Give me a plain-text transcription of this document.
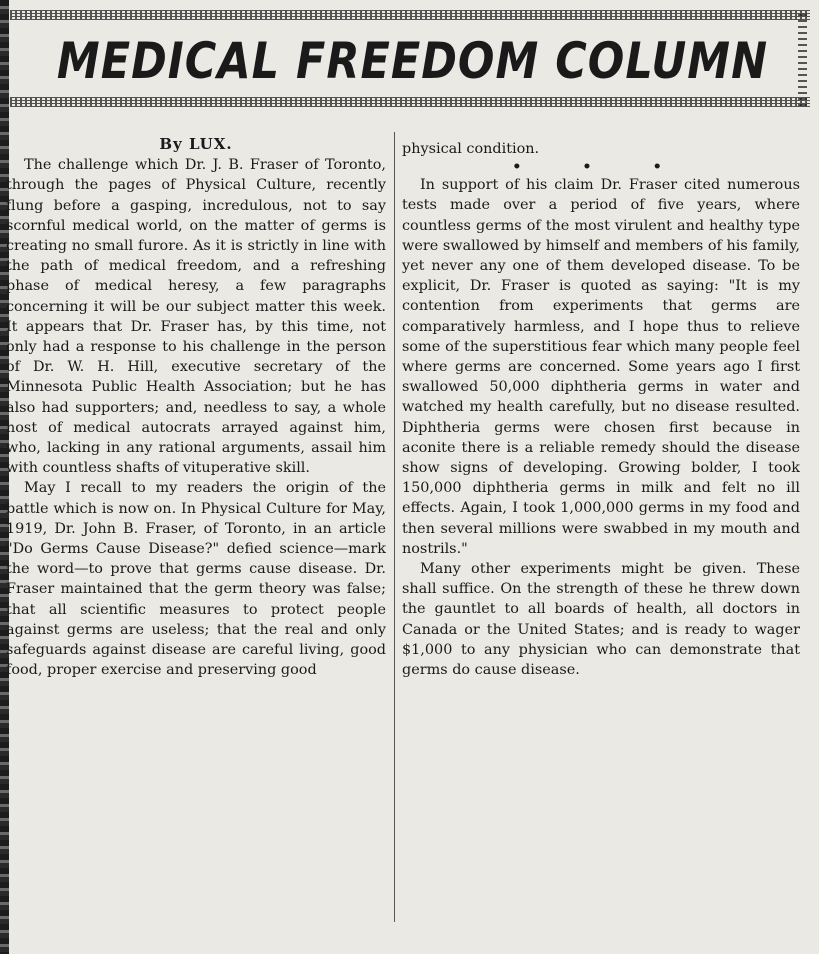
MEDICAL FREEDOM COLUMN
By LUX.

The challenge which Dr. J. B. Fraser of Toronto, through the pages of Physical Culture, recently flung before a gasping, incredulous, not to say scornful medical world, on the matter of germs is creating no small furore. As it is strictly in line with the path of medical freedom, and a refreshing phase of medical heresy, a few paragraphs concerning it will be our subject matter this week. It appears that Dr. Fraser has, by this time, not only had a response to his challenge in the person of Dr. W. H. Hill, executive secretary of the Minnesota Public Health Association; but he has also had supporters; and, needless to say, a whole host of medical autocrats arrayed against him, who, lacking in any rational arguments, assail him with countless shafts of vituperative skill.

May I recall to my readers the origin of the battle which is now on. In Physical Culture for May, 1919, Dr. John B. Fraser, of Toronto, in an article "Do Germs Cause Disease?" defied science—mark the word—to prove that germs cause disease. Dr. Fraser maintained that the germ theory was false; that all scientific measures to protect people against germs are useless; that the real and only safeguards against disease are careful living, good food, proper exercise and preserving good

physical condition.

• • •

In support of his claim Dr. Fraser cited numerous tests made over a period of five years, where countless germs of the most virulent and healthy type were swallowed by himself and members of his family, yet never any one of them developed disease. To be explicit, Dr. Fraser is quoted as saying: "It is my contention from experiments that germs are comparatively harmless, and I hope thus to relieve some of the superstitious fear which many people feel where germs are concerned. Some years ago I first swallowed 50,000 diphtheria germs in water and watched my health carefully, but no disease resulted. Diphtheria germs were chosen first because in aconite there is a reliable remedy should the disease show signs of developing. Growing bolder, I took 150,000 diphtheria germs in milk and felt no ill effects. Again, I took 1,000,000 germs in my food and then several millions were swabbed in my mouth and nostrils."

Many other experiments might be given. These shall suffice. On the strength of these he threw down the gauntlet to all boards of health, all doctors in Canada or the United States; and is ready to wager $1,000 to any physician who can demonstrate that germs do cause disease.
